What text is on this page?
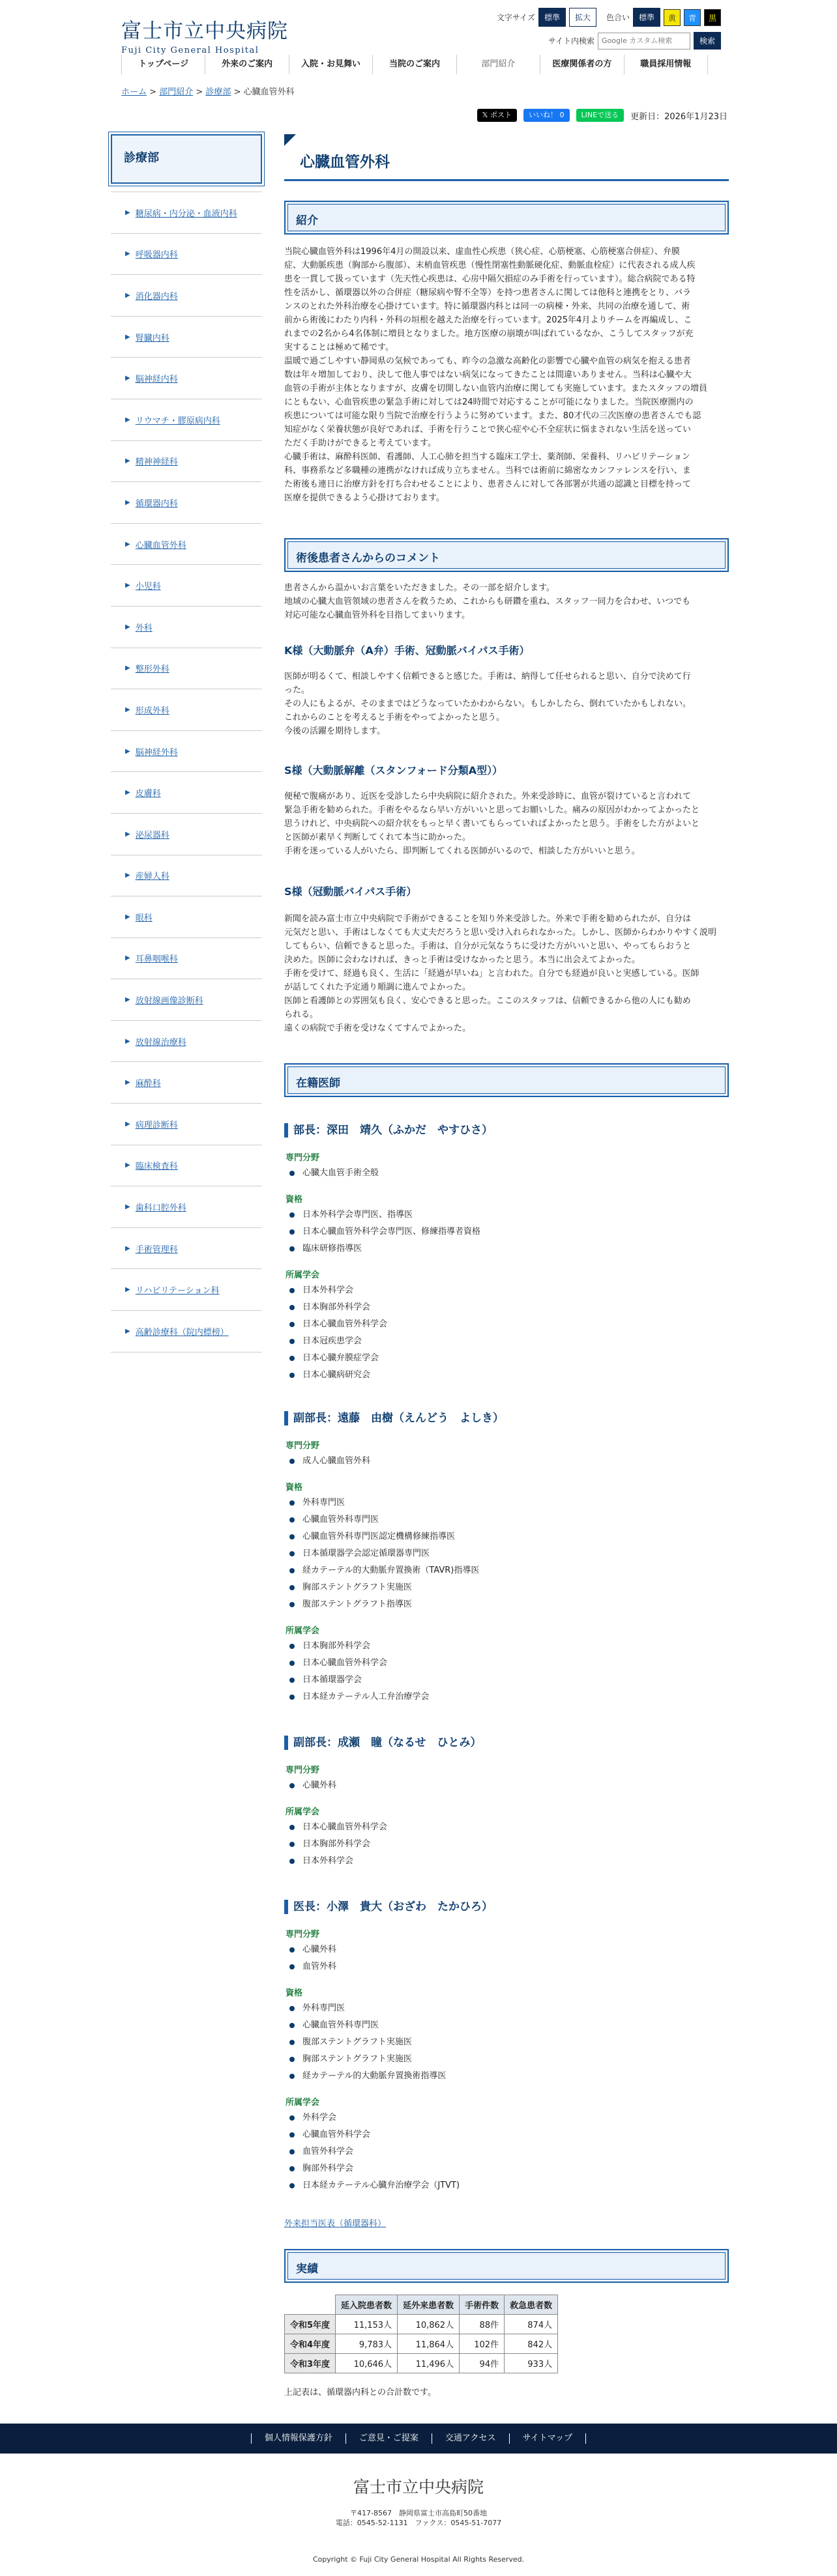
富士市立中央病院
Fuji City General Hospital
文字サイズ	標準	拡大	色合い	標準	黄	青	黒
サイト内検索
Google カスタム検索	検索
トップページ	外来のご案内	入院・お見舞い	当院のご案内	部門紹介	医療関係者の方	職員採用情報
ホーム > 部門紹介 > 診療部 > 心臓血管外科
𝕏 ポスト	いいね！ 0	LINEで送る	更新日：2026年1月23日
診療部
▶ 糖尿病・内分泌・血液内科
▶ 呼吸器内科
▶ 消化器内科
▶ 腎臓内科
▶ 脳神経内科
▶ リウマチ・膠原病内科
▶ 精神神経科
▶ 循環器内科
▶ 心臓血管外科
▶ 小児科
▶ 外科
▶ 整形外科
▶ 形成外科
▶ 脳神経外科
▶ 皮膚科
▶ 泌尿器科
▶ 産婦人科
▶ 眼科
▶ 耳鼻咽喉科
▶ 放射線画像診断科
▶ 放射線治療科
▶ 麻酔科
▶ 病理診断科
▶ 臨床検査科
▶ 歯科口腔外科
▶ 手術管理科
▶ リハビリテーション科
▶ 高齢診療科（院内標榜）
心臓血管外科
紹介
当院心臓血管外科は1996年4月の開設以来、虚血性心疾患（狭心症、心筋梗塞、心筋梗塞合併症）、弁膜
症、大動脈疾患（胸部から腹部）、末梢血管疾患（慢性閉塞性動脈硬化症、動脈血栓症）に代表される成人疾
患を一貫して扱っています（先天性心疾患は、心房中隔欠損症のみ手術を行っています）。総合病院である特
性を活かし、循環器以外の合併症（糖尿病や腎不全等）を持つ患者さんに関しては他科と連携をとり、バラ
ンスのとれた外科治療を心掛けています。特に循環器内科とは同一の病棟・外来、共同の治療を通して、術
前から術後にわたり内科・外科の垣根を越えた治療を行っています。2025年4月よりチームを再編成し、こ
れまでの2名から4名体制に増員となりました。地方医療の崩壊が叫ばれているなか、こうしてスタッフが充
実することは極めて稀です。
温暖で過ごしやすい静岡県の気候であっても、昨今の急激な高齢化の影響で心臓や血管の病気を抱える患者
数は年々増加しており、決して他人事ではない病気になってきたことは間違いありません。当科は心臓や大
血管の手術が主体となりますが、皮膚を切開しない血管内治療に関しても実施しています。またスタッフの増員
にともない、心血管疾患の緊急手術に対しては24時間で対応することが可能になりました。当院医療圏内の
疾患については可能な限り当院で治療を行うように努めています。また、80才代の三次医療の患者さんでも認
知症がなく栄養状態が良好であれば、手術を行うことで狭心症や心不全症状に悩まされない生活を送ってい
ただく手助けができると考えています。
心臓手術は、麻酔科医師、看護師、人工心肺を担当する臨床工学士、薬剤師、栄養科、リハビリテーション
科、事務系など多職種の連携がなければ成り立ちません。当科では術前に綿密なカンファレンスを行い、ま
た術後も連日に治療方針を打ち合わせることにより、患者さんに対して各部署が共通の認識と目標を持って
医療を提供できるよう心掛けております。
術後患者さんからのコメント
患者さんから温かいお言葉をいただきました。その一部を紹介します。
地域の心臓大血管領域の患者さんを救うため、これからも研鑽を重ね、スタッフ一同力を合わせ、いつでも
対応可能な心臓血管外科を目指してまいります。
K様（大動脈弁（A弁）手術、冠動脈バイパス手術）
医師が明るくて、相談しやすく信頼できると感じた。手術は、納得して任せられると思い、自分で決めて行
った。
その人にもよるが、そのままではどうなっていたかわからない。もしかしたら、倒れていたかもしれない。
これからのことを考えると手術をやってよかったと思う。
今後の活躍を期待します。
S様（大動脈解離（スタンフォード分類A型））
便秘で腹痛があり、近医を受診したら中央病院に紹介された。外来受診時に、血管が裂けていると言われて
緊急手術を勧められた。手術をやるなら早い方がいいと思ってお願いした。痛みの原因がわかってよかったと
思うけれど、中央病院への紹介状をもっと早く書いてもらっていればよかったと思う。手術をした方がよいと
と医師が素早く判断してくれて本当に助かった。
手術を迷っている人がいたら、即判断してくれる医師がいるので、相談した方がいいと思う。
S様（冠動脈バイパス手術）
新聞を読み富士市立中央病院で手術ができることを知り外来受診した。外来で手術を勧められたが、自分は
元気だと思い、手術はしなくても大丈夫だろうと思い受け入れられなかった。しかし、医師からわかりやすく説明
してもらい、信頼できると思った。手術は、自分が元気なうちに受けた方がいいと思い、やってもらおうと
決めた。医師に会わなければ、きっと手術は受けなかったと思う。本当に出会えてよかった。
手術を受けて、経過も良く、生活に「経過が早いね」と言われた。自分でも経過が良いと実感している。医師
が話してくれた予定通り順調に進んでよかった。
医師と看護師との雰囲気も良く、安心できると思った。ここのスタッフは、信頼できるから他の人にも勧め
られる。
遠くの病院で手術を受けなくてすんでよかった。
在籍医師
部長：深田　靖久（ふかだ　やすひさ）
専門分野
心臓大血管手術全般
資格
日本外科学会専門医、指導医
日本心臓血管外科学会専門医、修練指導者資格
臨床研修指導医
所属学会
日本外科学会
日本胸部外科学会
日本心臓血管外科学会
日本冠疾患学会
日本心臓弁膜症学会
日本心臓病研究会
副部長：遠藤　由樹（えんどう　よしき）
専門分野
成人心臓血管外科
資格
外科専門医
心臓血管外科専門医
心臓血管外科専門医認定機構修練指導医
日本循環器学会認定循環器専門医
経カテーテル的大動脈弁置換術（TAVR)指導医
胸部ステントグラフト実施医
腹部ステントグラフト指導医
所属学会
日本胸部外科学会
日本心臓血管外科学会
日本循環器学会
日本経カテーテル人工弁治療学会
副部長：成瀬　瞳（なるせ　ひとみ）
専門分野
心臓外科
所属学会
日本心臓血管外科学会
日本胸部外科学会
日本外科学会
医長：小澤　貴大（おざわ　たかひろ）
専門分野
心臓外科
血管外科
資格
外科専門医
心臓血管外科専門医
腹部ステントグラフト実施医
胸部ステントグラフト実施医
経カテーテル的大動脈弁置換術指導医
所属学会
外科学会
心臓血管外科学会
血管外科学会
胸部外科学会
日本経カテーテル心臓弁治療学会（JTVT)
外来担当医表（循環器科）
実績
	延入院患者数	延外来患者数	手術件数	救急患者数
令和5年度	11,153人	10,862人	88件	874人
令和4年度	9,783人	11,864人	102件	842人
令和3年度	10,646人	11,496人	94件	933人
上記表は、循環器内科との合計数です。
個人情報保護方針	ご意見・ご提案	交通アクセス	サイトマップ
富士市立中央病院
〒417-8567　静岡県富士市高島町50番地
電話：0545-52-1131　ファクス：0545-51-7077
Copyright © Fuji City General Hospital All Rights Reserved.
